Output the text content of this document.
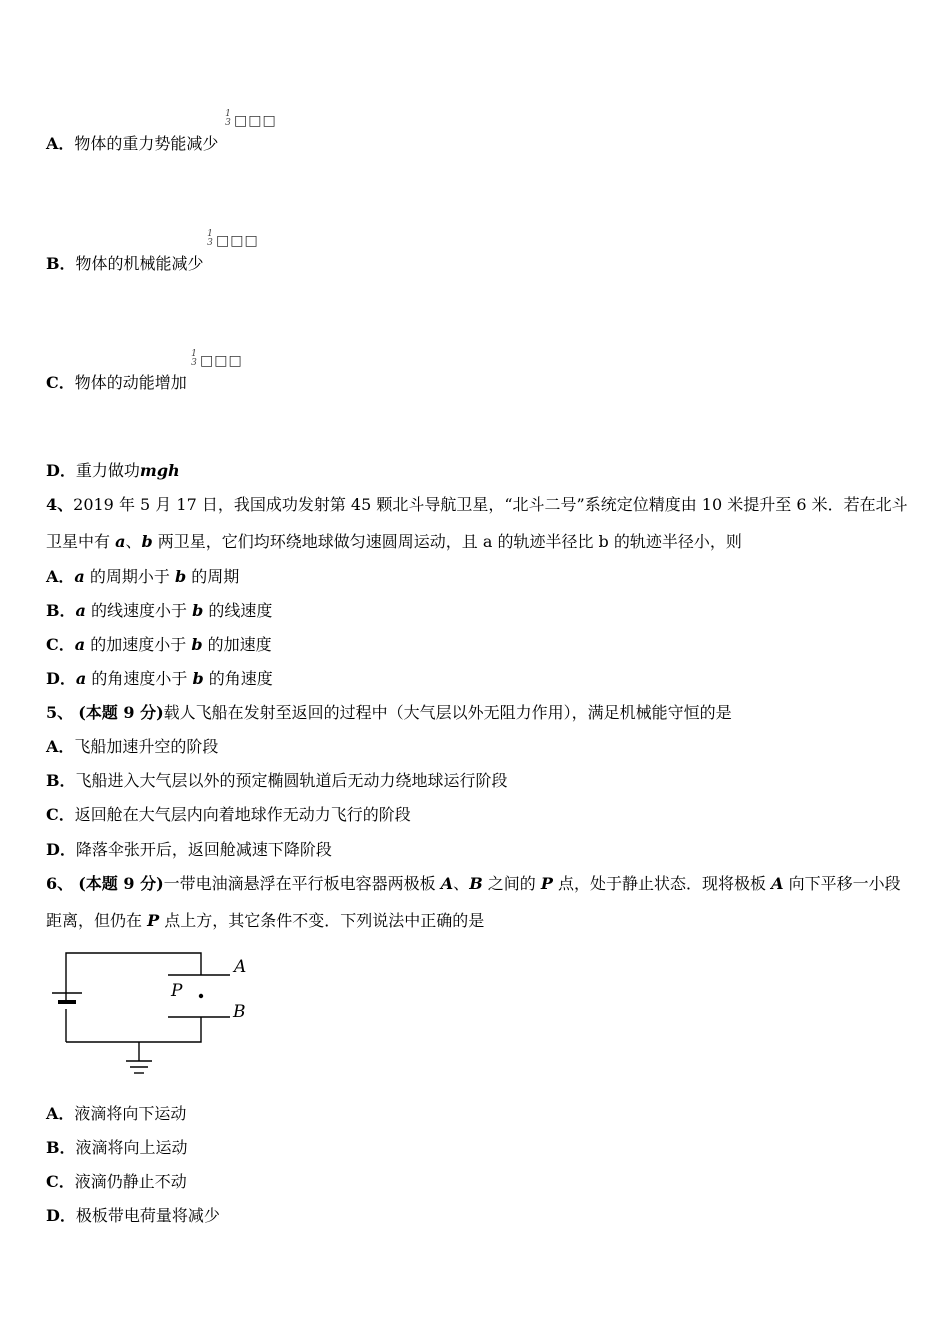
A．物体的重力势能减少
1
3 □□□
B．物体的机械能减少
1
3 □□□
C．物体的动能增加
1
3 □□□
D．重力做功mgh
4、2019 年 5 月 17 日，我国成功发射第 45 颗北斗导航卫星，“北斗二号”系统定位精度由 10 米提升至 6 米．若在北斗
卫星中有 a、b 两卫星，它们均环绕地球做匀速圆周运动，且 a 的轨迹半径比 b 的轨迹半径小，则
A．a 的周期小于 b 的周期
B．a 的线速度小于 b 的线速度
C．a 的加速度小于 b 的加速度
D．a 的角速度小于 b 的角速度
5、 (本题 9 分)载人飞船在发射至返回的过程中（大气层以外无阻力作用），满足机械能守恒的是
A．飞船加速升空的阶段
B．飞船进入大气层以外的预定椭圆轨道后无动力绕地球运行阶段
C．返回舱在大气层内向着地球作无动力飞行的阶段
D．降落伞张开后，返回舱减速下降阶段
6、 (本题 9 分)一带电油滴悬浮在平行板电容器两极板 A、B 之间的 P 点，处于静止状态．现将极板 A 向下平移一小段
距离，但仍在 P 点上方，其它条件不变．下列说法中正确的是
A
B
P
A．液滴将向下运动
B．液滴将向上运动
C．液滴仍静止不动
D．极板带电荷量将减少
